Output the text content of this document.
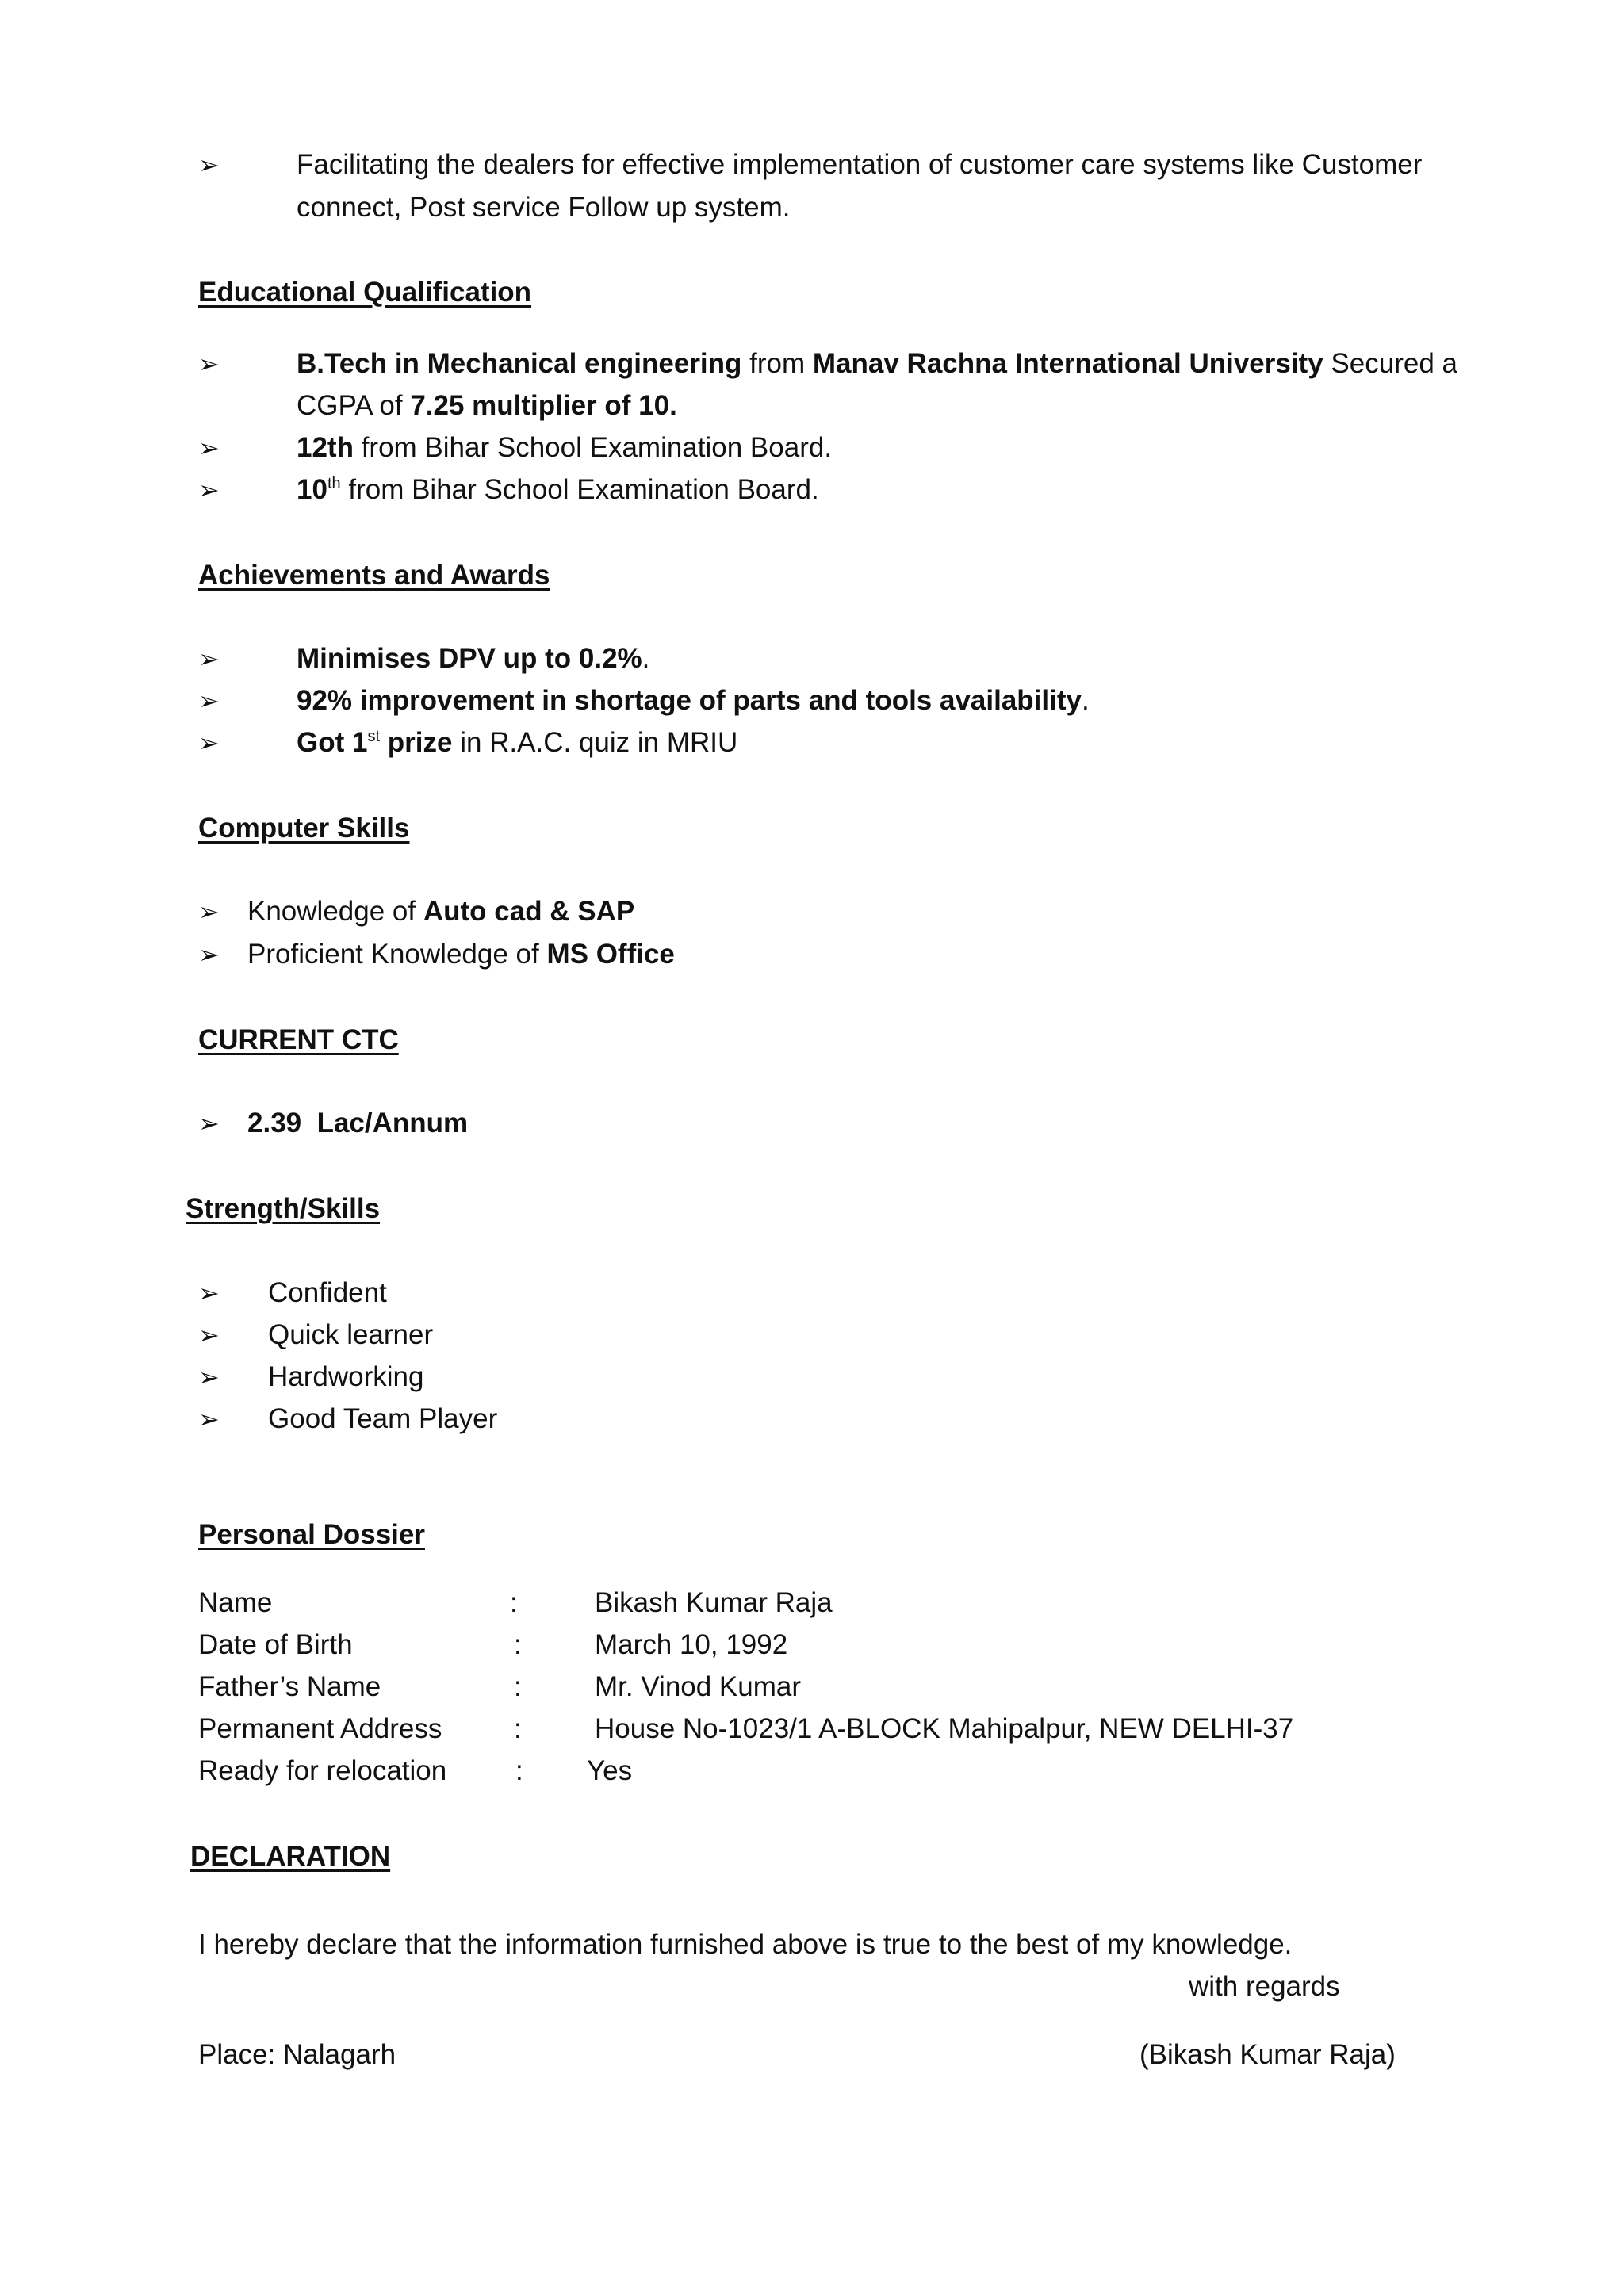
➢	Facilitating the dealers for effective implementation of customer care systems like Customer
connect, Post service Follow up system.
Educational Qualification
➢	B.Tech in Mechanical engineering from Manav Rachna International University Secured a
CGPA of 7.25 multiplier of 10.
➢	12th from Bihar School Examination Board.
➢	10th from Bihar School Examination Board.
Achievements and Awards
➢	Minimises DPV up to 0.2%.
➢	92% improvement in shortage of parts and tools availability.
➢	Got 1st prize in R.A.C. quiz in MRIU
Computer Skills
➢ Knowledge of Auto cad & SAP
➢ Proficient Knowledge of MS Office
CURRENT CTC
➢ 2.39  Lac/Annum
Strength/Skills
➢ Confident
➢ Quick learner
➢ Hardworking
➢ Good Team Player
Personal Dossier
Name	:	Bikash Kumar Raja
Date of Birth	:	March 10, 1992
Father’s Name	:	Mr. Vinod Kumar
Permanent Address	:	House No-1023/1 A-BLOCK Mahipalpur, NEW DELHI-37
Ready for relocation : Yes
DECLARATION
I hereby declare that the information furnished above is true to the best of my knowledge.
with regards
Place: Nalagarh	(Bikash Kumar Raja)
